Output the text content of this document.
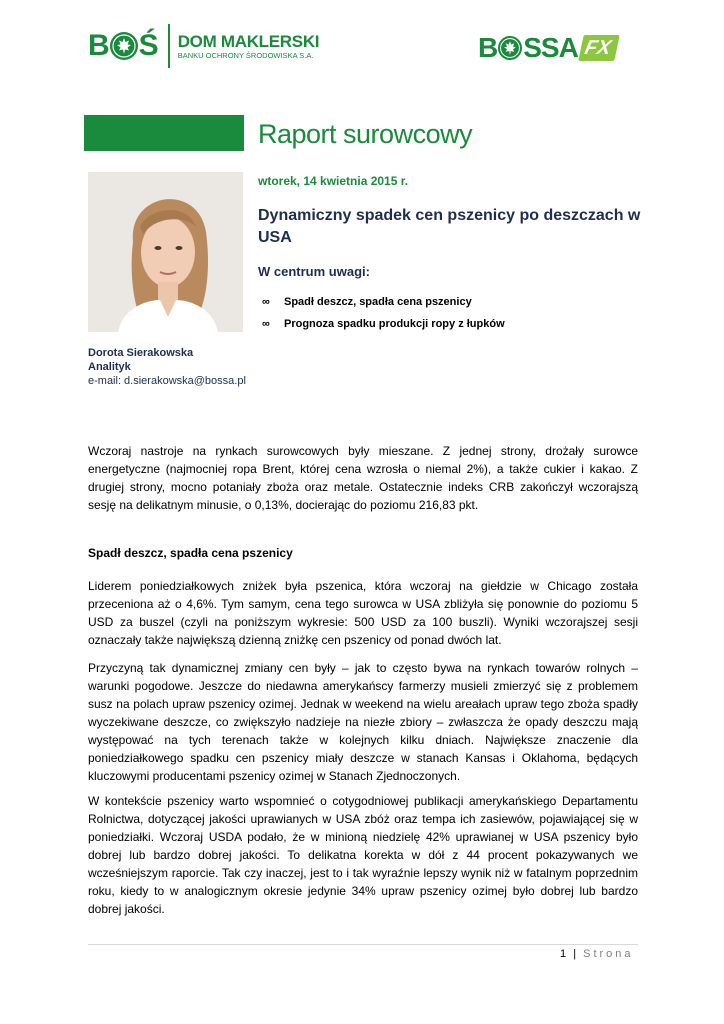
B Ś DOM MAKLERSKI
BANKU OCHRONY ŚRODOWISKA S.A.	B SSA FX
Raport surowcowy
wtorek, 14 kwietnia 2015 r.
Dynamiczny spadek cen pszenicy po deszczach w USA
W centrum uwagi:
∞	Spadł deszcz, spadła cena pszenicy
∞	Prognoza spadku produkcji ropy z łupków
Dorota Sierakowska
Analityk
e-mail: d.sierakowska@bossa.pl

Wczoraj nastroje na rynkach surowcowych były mieszane. Z jednej strony, drożały surowce energetyczne (najmocniej ropa Brent, której cena wzrosła o niemal 2%), a także cukier i kakao. Z drugiej strony, mocno potaniały zboża oraz metale. Ostatecznie indeks CRB zakończył wczorajszą sesję na delikatnym minusie, o 0,13%, docierając do poziomu 216,83 pkt.

Spadł deszcz, spadła cena pszenicy

Liderem poniedziałkowych zniżek była pszenica, która wczoraj na giełdzie w Chicago została przeceniona aż o 4,6%. Tym samym, cena tego surowca w USA zbliżyła się ponownie do poziomu 5 USD za buszel (czyli na poniższym wykresie: 500 USD za 100 buszli). Wyniki wczorajszej sesji oznaczały także największą dzienną zniżkę cen pszenicy od ponad dwóch lat.

Przyczyną tak dynamicznej zmiany cen były – jak to często bywa na rynkach towarów rolnych – warunki pogodowe. Jeszcze do niedawna amerykańscy farmerzy musieli zmierzyć się z problemem susz na polach upraw pszenicy ozimej. Jednak w weekend na wielu areałach upraw tego zboża spadły wyczekiwane deszcze, co zwiększyło nadzieje na niezłe zbiory – zwłaszcza że opady deszczu mają występować na tych terenach także w kolejnych kilku dniach. Największe znaczenie dla poniedziałkowego spadku cen pszenicy miały deszcze w stanach Kansas i Oklahoma, będących kluczowymi producentami pszenicy ozimej w Stanach Zjednoczonych.

W kontekście pszenicy warto wspomnieć o cotygodniowej publikacji amerykańskiego Departamentu Rolnictwa, dotyczącej jakości uprawianych w USA zbóż oraz tempa ich zasiewów, pojawiającej się w poniedziałki. Wczoraj USDA podało, że w minioną niedzielę 42% uprawianej w USA pszenicy było dobrej lub bardzo dobrej jakości. To delikatna korekta w dół z 44 procent pokazywanych we wcześniejszym raporcie. Tak czy inaczej, jest to i tak wyraźnie lepszy wynik niż w fatalnym poprzednim roku, kiedy to w analogicznym okresie jedynie 34% upraw pszenicy ozimej było dobrej lub bardzo dobrej jakości.

1 | Strona
